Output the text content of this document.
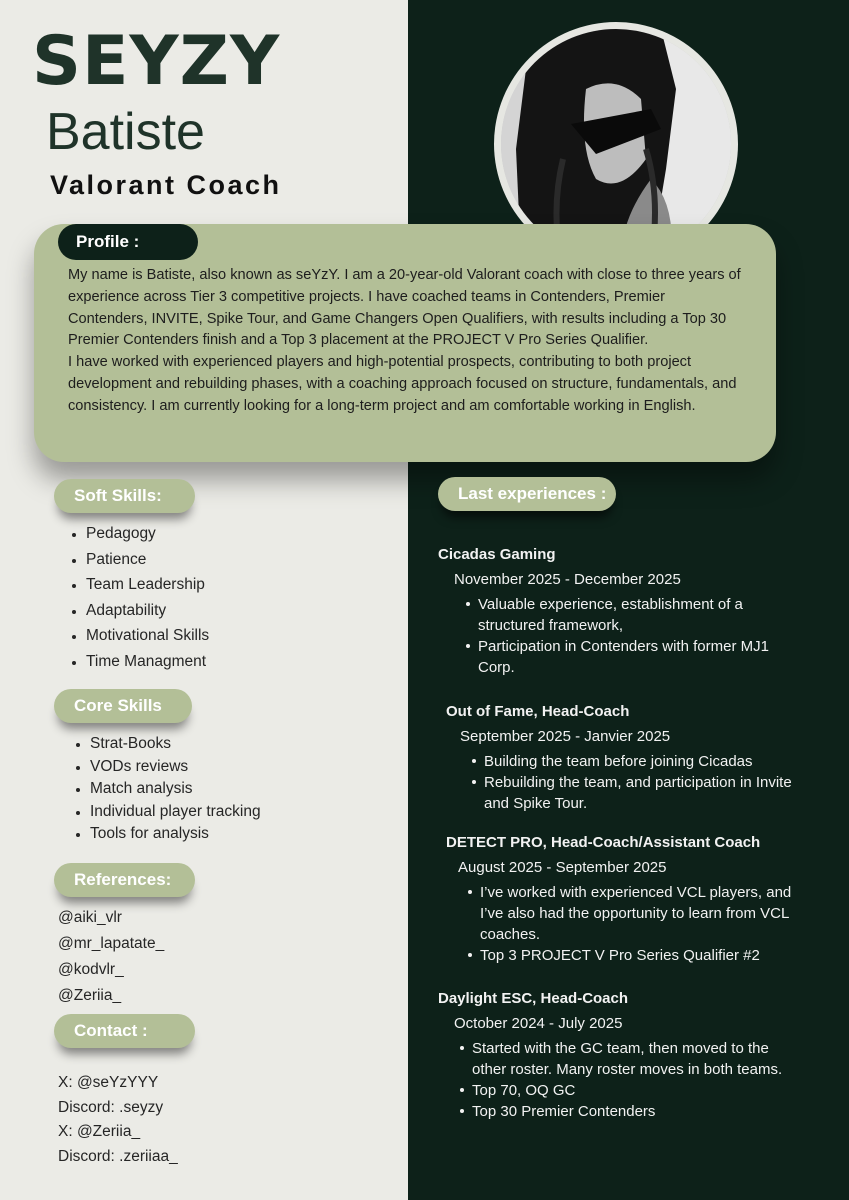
SEYZY
Batiste
Valorant Coach
Profile :

My name is Batiste, also known as seYzY. I am a 20-year-old Valorant coach with close to three years of experience across Tier 3 competitive projects. I have coached teams in Contenders, Premier Contenders, INVITE, Spike Tour, and Game Changers Open Qualifiers, with results including a Top 30 Premier Contenders finish and a Top 3 placement at the PROJECT V Pro Series Qualifier.
I have worked with experienced players and high-potential prospects, contributing to both project development and rebuilding phases, with a coaching approach focused on structure, fundamentals, and consistency. I am currently looking for a long-term project and am comfortable working in English.

Soft Skills:
Pedagogy
Patience
Team Leadership
Adaptability
Motivational Skills
Time Managment
Core Skills
Strat-Books
VODs reviews
Match analysis
Individual player tracking
Tools for analysis
References:
@aiki_vlr
@mr_lapatate_
@kodvlr_
@Zeriia_
Contact :
X: @seYzYYY
Discord: .seyzy
X: @Zeriia_
Discord: .zeriiaa_
Last experiences :

Cicadas Gaming

November 2025 - December 2025

Valuable experience, establishment of a structured framework,
Participation in Contenders with former MJ1 Corp.

Out of Fame, Head-Coach

September 2025 - Janvier 2025

Building the team before joining Cicadas
Rebuilding the team, and participation in Invite and Spike Tour.

DETECT PRO, Head-Coach/Assistant Coach

August 2025 - September 2025

I’ve worked with experienced VCL players, and I’ve also had the opportunity to learn from VCL coaches.
Top 3 PROJECT V Pro Series Qualifier #2

Daylight ESC, Head-Coach

October 2024 - July 2025

Started with the GC team, then moved to the other roster. Many roster moves in both teams.
Top 70, OQ GC
Top 30 Premier Contenders
